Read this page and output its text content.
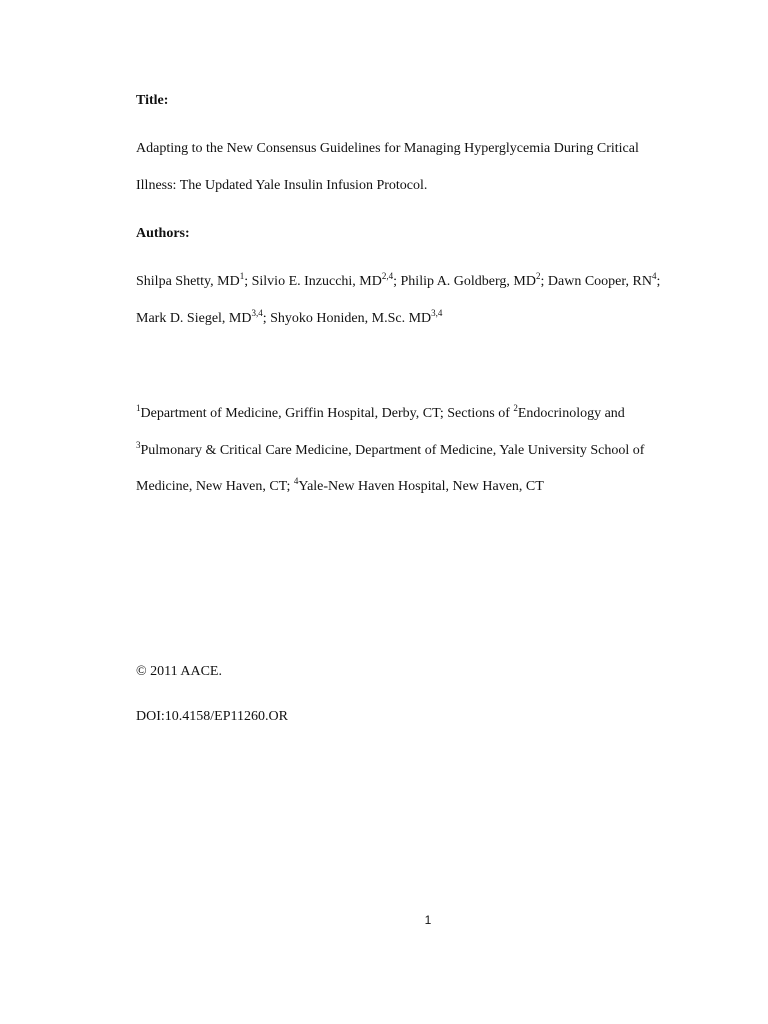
Title:
Adapting to the New Consensus Guidelines for Managing Hyperglycemia During Critical
Illness: The Updated Yale Insulin Infusion Protocol.
Authors:
Shilpa Shetty, $MD^1$; Silvio E. Inzucchi, MD$^{2,4}$; Philip A. Goldberg, $MD^2$; Dawn Cooper, $RN^4$;
Mark D. Siegel, MD$^{3,4}$; Shyoko Honiden, M.Sc. MD$^{3,4}$
$^1$Department of Medicine, Griffin Hospital, Derby, CT; Sections of $^2$Endocrinology and
$^3$Pulmonary & Critical Care Medicine, Department of Medicine, Yale University School of
Medicine, New Haven, CT; $^4$Yale-New Haven Hospital, New Haven, CT
© 2011 AACE.
DOI:10.4158/EP11260.OR
1
